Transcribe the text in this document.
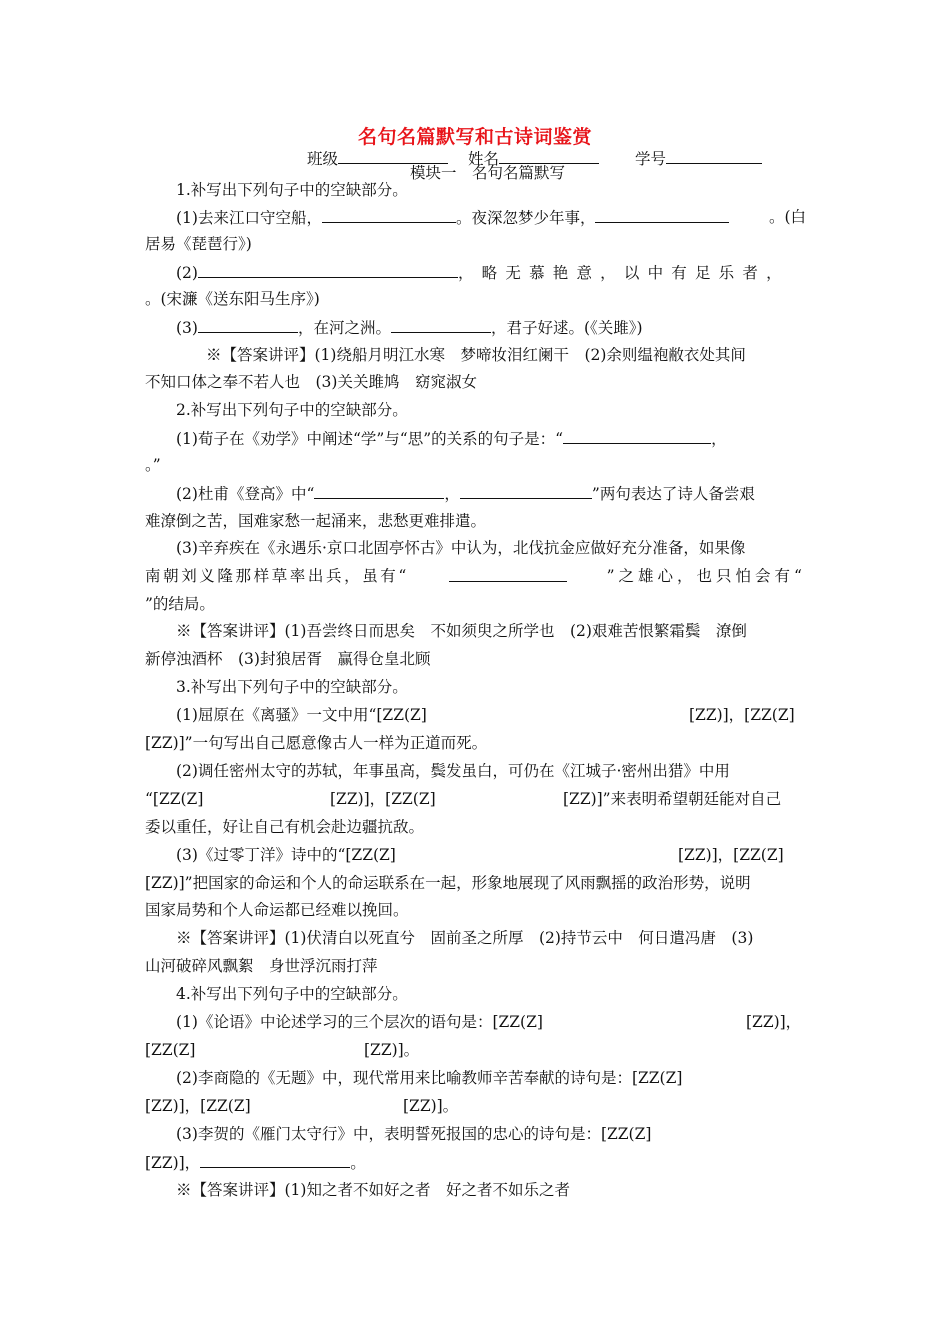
名句名篇默写和古诗词鉴赏
班级	姓名	学号
模块一　名句名篇默写
1.补写出下列句子中的空缺部分。
(1)去来江口守空船，	。夜深忽梦少年事，	。(白
居易《琵琶行》)
(2)	，略无慕艳意，以中有足乐者，
。(宋濂《送东阳马生序》)
(3)	，在河之洲。	，君子好逑。(《关雎》)
※【答案讲评】(1)绕船月明江水寒　梦啼妆泪红阑干　(2)余则缊袍敝衣处其间
不知口体之奉不若人也　(3)关关雎鸠　窈窕淑女
2.补写出下列句子中的空缺部分。
(1)荀子在《劝学》中阐述“学”与“思”的关系的句子是：“	，
。”
(2)杜甫《登高》中“	，	”两句表达了诗人备尝艰
难潦倒之苦，国难家愁一起涌来，悲愁更难排遣。
(3)辛弃疾在《永遇乐·京口北固亭怀古》中认为，北伐抗金应做好充分准备，如果像
南朝刘义隆那样草率出兵，虽有“	”之雄心，也只怕会有“
”的结局。
※【答案讲评】(1)吾尝终日而思矣　不如须臾之所学也　(2)艰难苦恨繁霜鬓　潦倒
新停浊酒杯　(3)封狼居胥　赢得仓皇北顾
3.补写出下列句子中的空缺部分。
(1)屈原在《离骚》一文中用“[ZZ(Z]	[ZZ)]，[ZZ(Z]
[ZZ)]”一句写出自己愿意像古人一样为正道而死。
(2)调任密州太守的苏轼，年事虽高，鬓发虽白，可仍在《江城子·密州出猎》中用
“[ZZ(Z]	[ZZ)]，[ZZ(Z]	[ZZ)]”来表明希望朝廷能对自己
委以重任，好让自己有机会赴边疆抗敌。
(3)《过零丁洋》诗中的“[ZZ(Z]	[ZZ)]，[ZZ(Z]
[ZZ)]”把国家的命运和个人的命运联系在一起，形象地展现了风雨飘摇的政治形势，说明
国家局势和个人命运都已经难以挽回。
※【答案讲评】(1)伏清白以死直兮　固前圣之所厚　(2)持节云中　何日遣冯唐　(3)
山河破碎风飘絮　身世浮沉雨打萍
4.补写出下列句子中的空缺部分。
(1)《论语》中论述学习的三个层次的语句是：[ZZ(Z]	[ZZ)]，
[ZZ(Z]	[ZZ)]。
(2)李商隐的《无题》中，现代常用来比喻教师辛苦奉献的诗句是：[ZZ(Z]
[ZZ)]，[ZZ(Z]	[ZZ)]。
(3)李贺的《雁门太守行》中，表明誓死报国的忠心的诗句是：[ZZ(Z]
[ZZ)]，	。
※【答案讲评】(1)知之者不如好之者　好之者不如乐之者
